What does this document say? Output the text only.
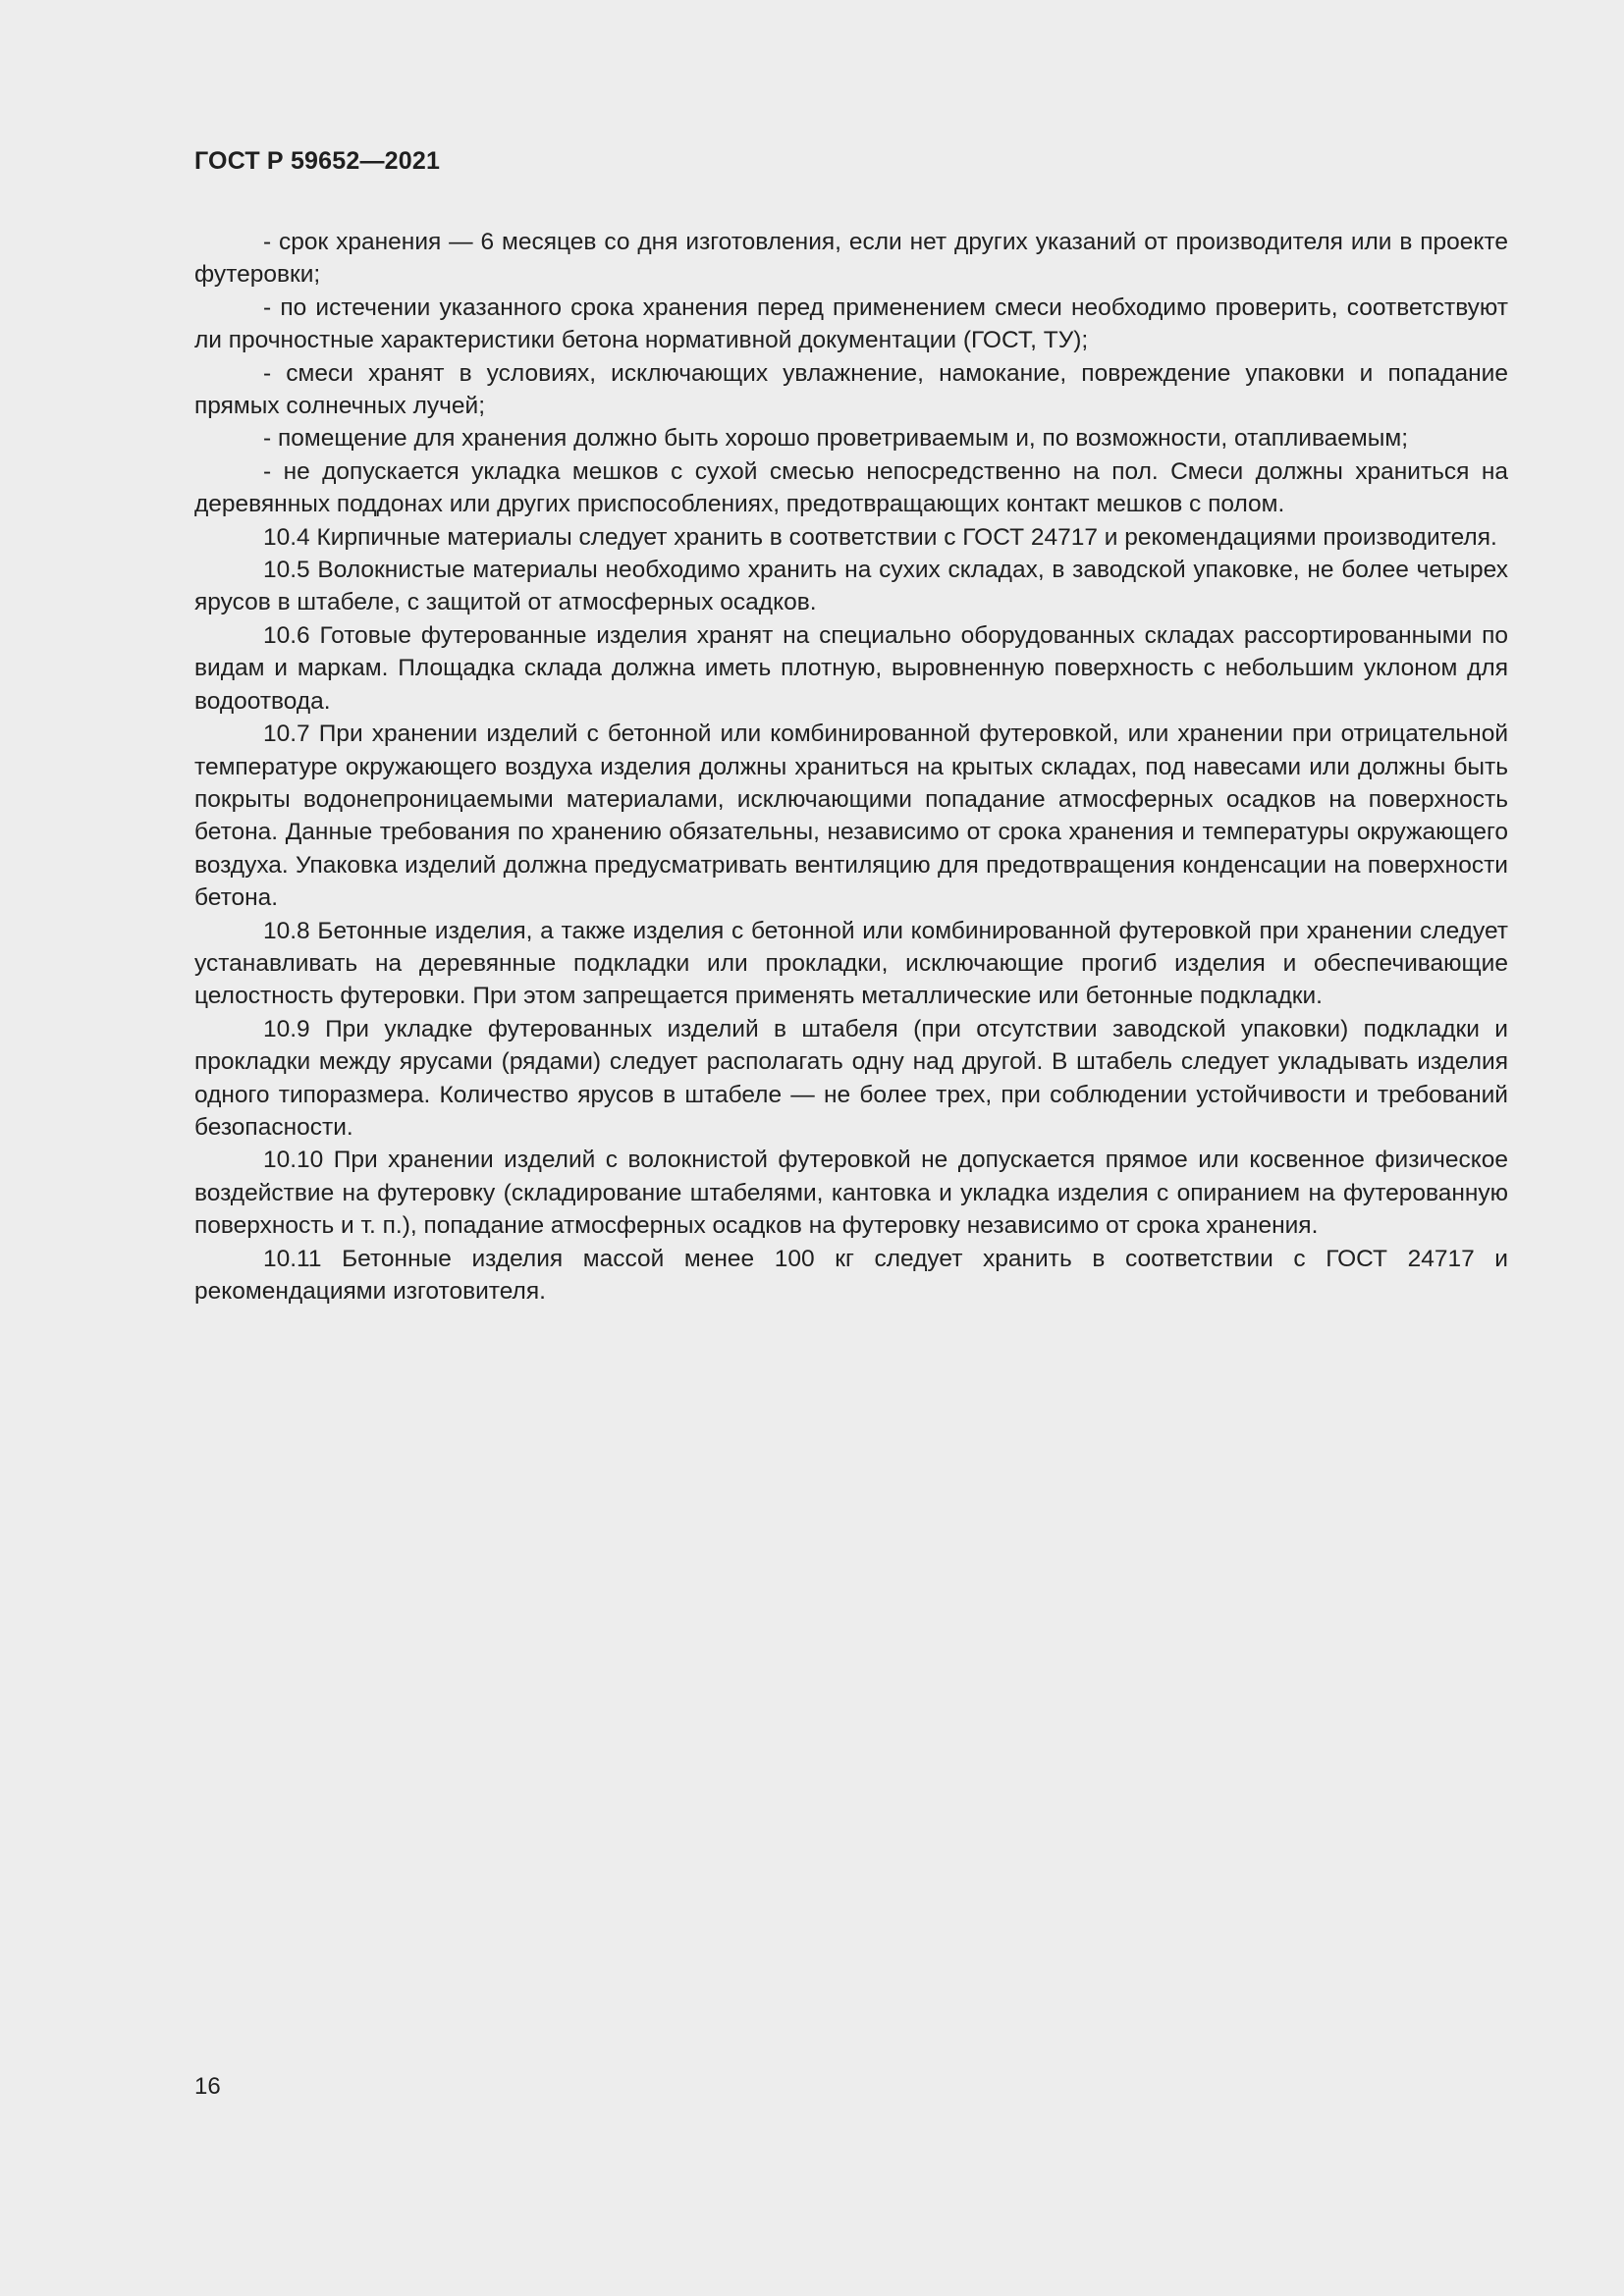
ГОСТ Р 59652—2021

- срок хранения — 6 месяцев со дня изготовления, если нет других указаний от производителя или в проекте футеровки;

- по истечении указанного срока хранения перед применением смеси необходимо проверить, соответствуют ли прочностные характеристики бетона нормативной документации (ГОСТ, ТУ);

- смеси хранят в условиях, исключающих увлажнение, намокание, повреждение упаковки и попадание прямых солнечных лучей;

- помещение для хранения должно быть хорошо проветриваемым и, по возможности, отапливаемым;

- не допускается укладка мешков с сухой смесью непосредственно на пол. Смеси должны храниться на деревянных поддонах или других приспособлениях, предотвращающих контакт мешков с полом.

10.4 Кирпичные материалы следует хранить в соответствии с ГОСТ 24717 и рекомендациями производителя.

10.5 Волокнистые материалы необходимо хранить на сухих складах, в заводской упаковке, не более четырех ярусов в штабеле, с защитой от атмосферных осадков.

10.6 Готовые футерованные изделия хранят на специально оборудованных складах рассортированными по видам и маркам. Площадка склада должна иметь плотную, выровненную поверхность с небольшим уклоном для водоотвода.

10.7 При хранении изделий с бетонной или комбинированной футеровкой, или хранении при отрицательной температуре окружающего воздуха изделия должны храниться на крытых складах, под навесами или должны быть покрыты водонепроницаемыми материалами, исключающими попадание атмосферных осадков на поверхность бетона. Данные требования по хранению обязательны, независимо от срока хранения и температуры окружающего воздуха. Упаковка изделий должна предусматривать вентиляцию для предотвращения конденсации на поверхности бетона.

10.8 Бетонные изделия, а также изделия с бетонной или комбинированной футеровкой при хранении следует устанавливать на деревянные подкладки или прокладки, исключающие прогиб изделия и обеспечивающие целостность футеровки. При этом запрещается применять металлические или бетонные подкладки.

10.9 При укладке футерованных изделий в штабеля (при отсутствии заводской упаковки) подкладки и прокладки между ярусами (рядами) следует располагать одну над другой. В штабель следует укладывать изделия одного типоразмера. Количество ярусов в штабеле — не более трех, при соблюдении устойчивости и требований безопасности.

10.10 При хранении изделий с волокнистой футеровкой не допускается прямое или косвенное физическое воздействие на футеровку (складирование штабелями, кантовка и укладка изделия с опиранием на футерованную поверхность и т. п.), попадание атмосферных осадков на футеровку независимо от срока хранения.

10.11 Бетонные изделия массой менее 100 кг следует хранить в соответствии с ГОСТ 24717 и рекомендациями изготовителя.

16
